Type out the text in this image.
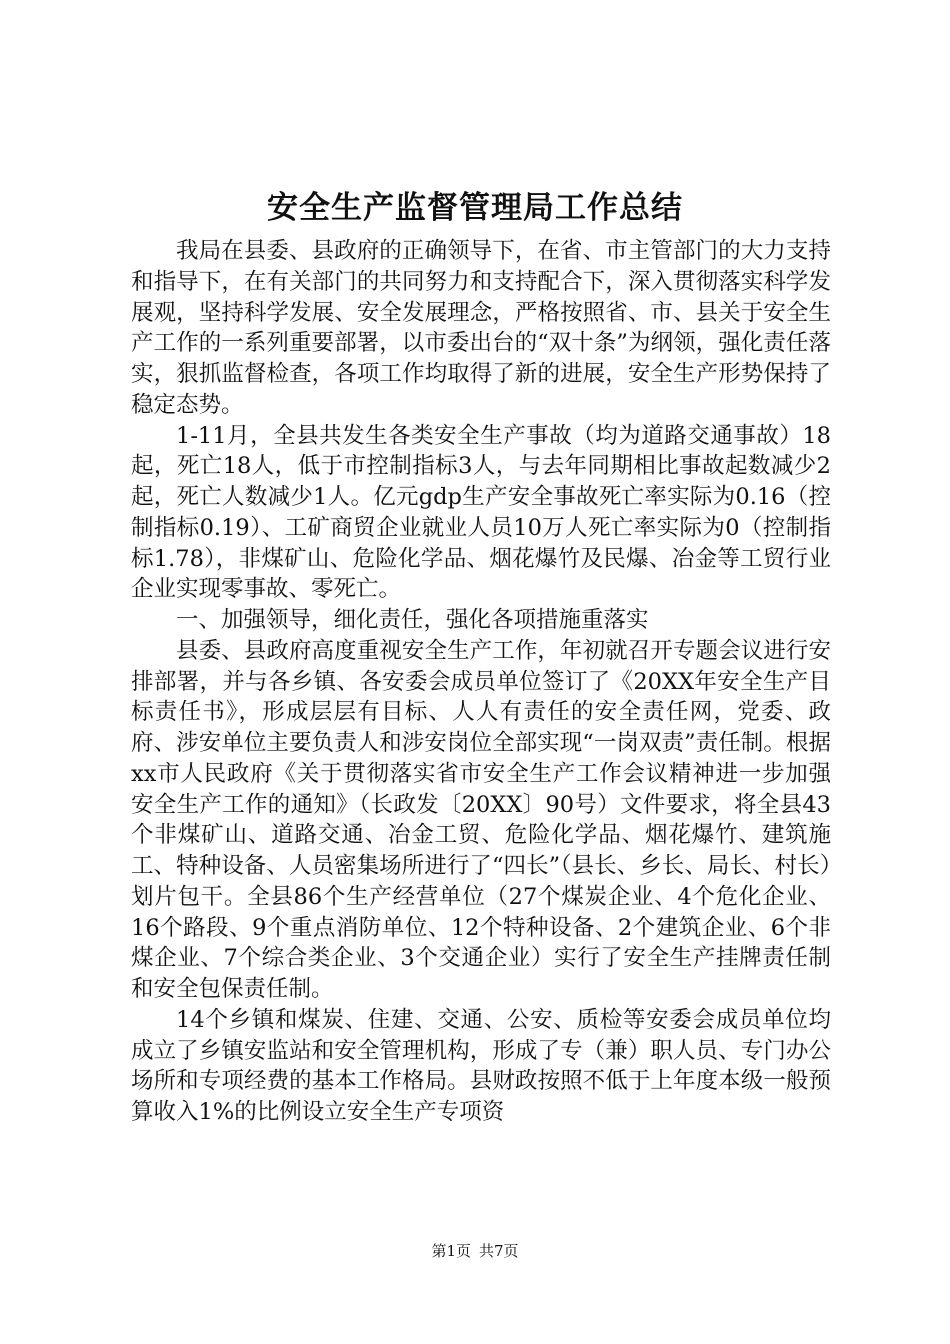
安全生产监督管理局工作总结

我局在县委、县政府的正确领导下，在省、市主管部门的大力支持和指导下，在有关部门的共同努力和支持配合下，深入贯彻落实科学发展观，坚持科学发展、安全发展理念，严格按照省、市、县关于安全生产工作的一系列重要部署，以市委出台的“双十条”为纲领，强化责任落实，狠抓监督检查，各项工作均取得了新的进展，安全生产形势保持了稳定态势。

1-11月，全县共发生各类安全生产事故（均为道路交通事故）18起，死亡18人，低于市控制指标3人，与去年同期相比事故起数减少2起，死亡人数减少1人。亿元gdp生产安全事故死亡率实际为0.16（控制指标0.19）、工矿商贸企业就业人员10万人死亡率实际为0（控制指标1.78），非煤矿山、危险化学品、烟花爆竹及民爆、冶金等工贸行业企业实现零事故、零死亡。

一、加强领导，细化责任，强化各项措施重落实

县委、县政府高度重视安全生产工作，年初就召开专题会议进行安排部署，并与各乡镇、各安委会成员单位签订了《20XX年安全生产目标责任书》，形成层层有目标、人人有责任的安全责任网，党委、政府、涉安单位主要负责人和涉安岗位全部实现“一岗双责”责任制。根据xx市人民政府《关于贯彻落实省市安全生产工作会议精神进一步加强安全生产工作的通知》（长政发〔20XX〕90号）文件要求，将全县43个非煤矿山、道路交通、冶金工贸、危险化学品、烟花爆竹、建筑施工、特种设备、人员密集场所进行了“四长”（县长、乡长、局长、村长）划片包干。全县86个生产经营单位（27个煤炭企业、4个危化企业、16个路段、9个重点消防单位、12个特种设备、2个建筑企业、6个非煤企业、7个综合类企业、3个交通企业）实行了安全生产挂牌责任制和安全包保责任制。

14个乡镇和煤炭、住建、交通、公安、质检等安委会成员单位均成立了乡镇安监站和安全管理机构，形成了专（兼）职人员、专门办公场所和专项经费的基本工作格局。县财政按照不低于上年度本级一般预算收入1%的比例设立安全生产专项资

第1页 共7页
